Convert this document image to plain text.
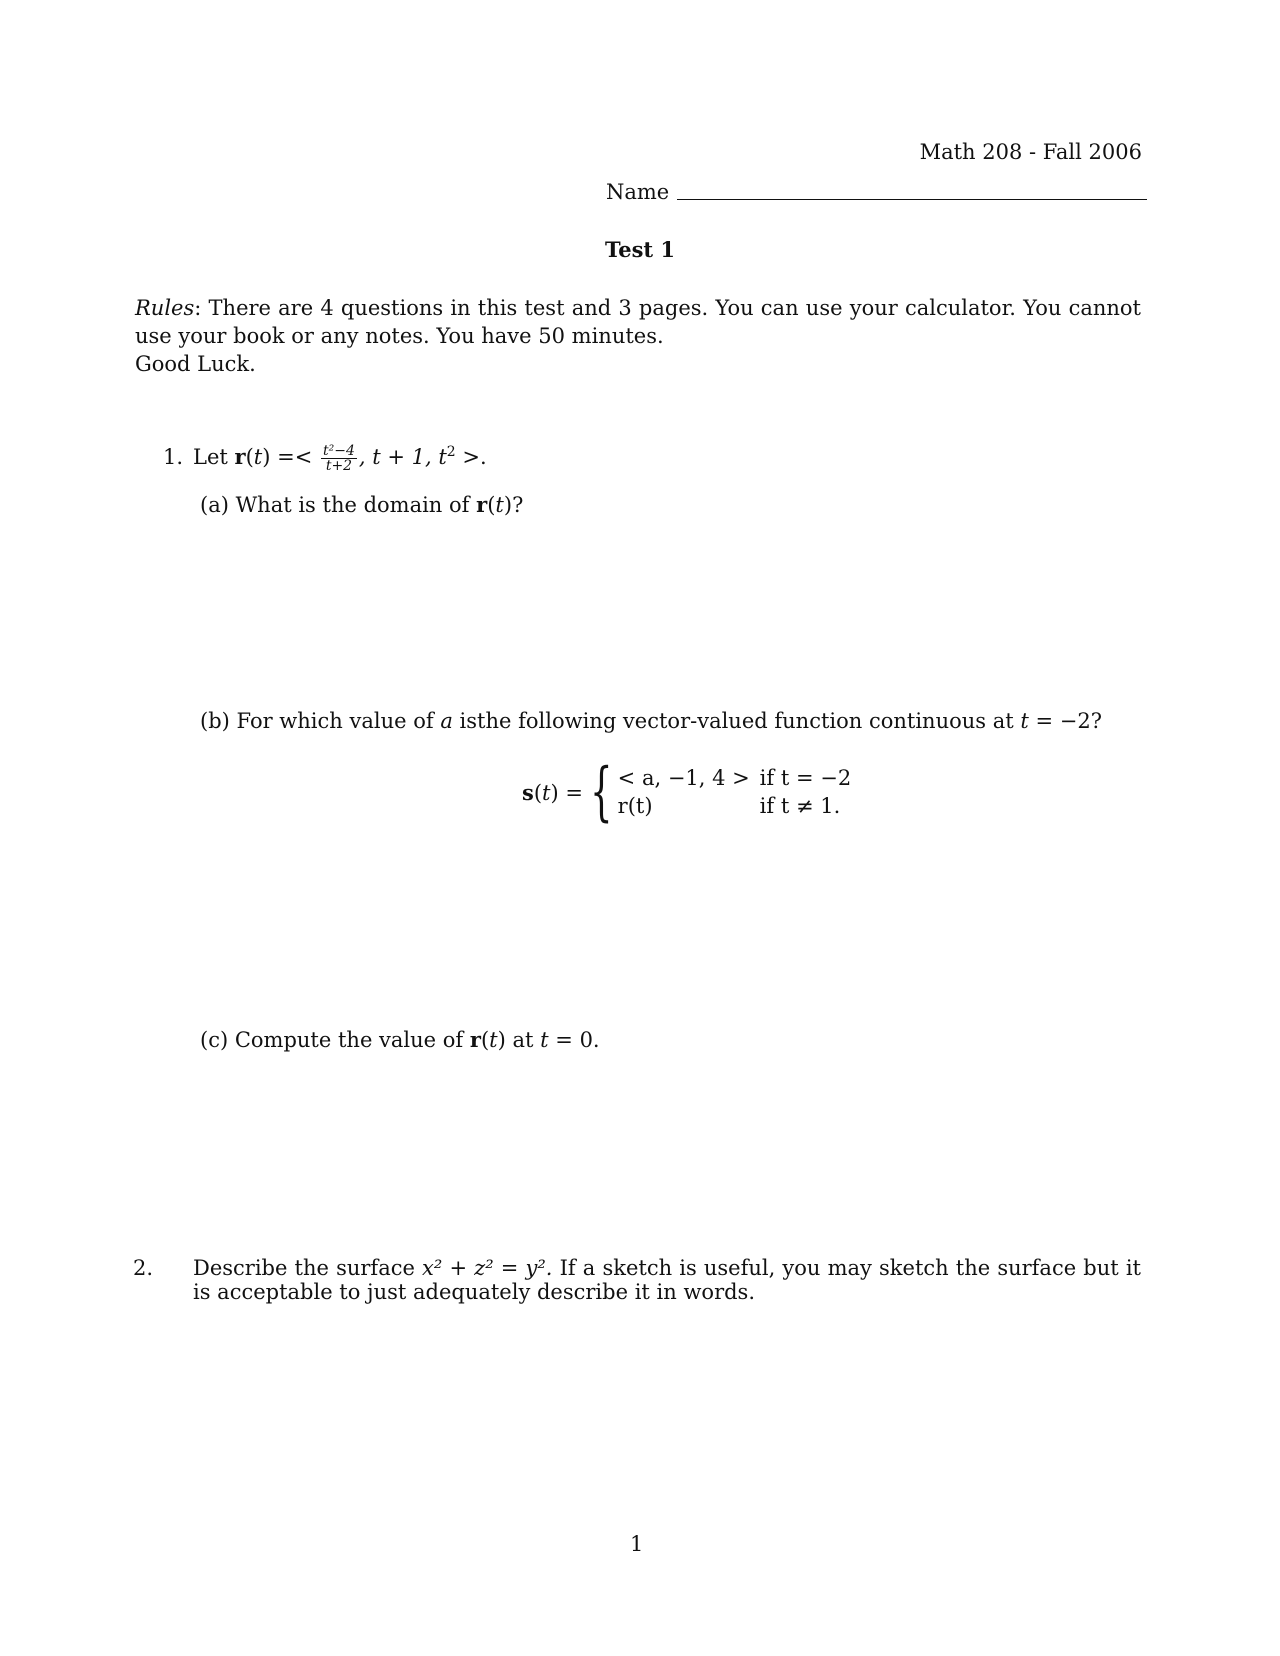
Math 208 - Fall 2006
Name
Test 1
Rules: There are 4 questions in this test and 3 pages. You can use your calculator. You cannot use your book or any notes. You have 50 minutes.
Good Luck.
1. Let $r(t) =< \frac{\text{t²−4}}{t+2}$ , t + 1, $t^2$ >.
(a) What is the domain of r(t)?
(b) For which value of a isthe following vector-valued function continuous at t = −2?
s(t) = { < a, −1, 4 > if t = −2
r(t)	if t ≠ 1.
(c) Compute the value of r(t) at t = 0.
2. Describe the surface x² + z² = y². If a sketch is useful, you may sketch the surface but it is acceptable to just adequately describe it in words.
1
